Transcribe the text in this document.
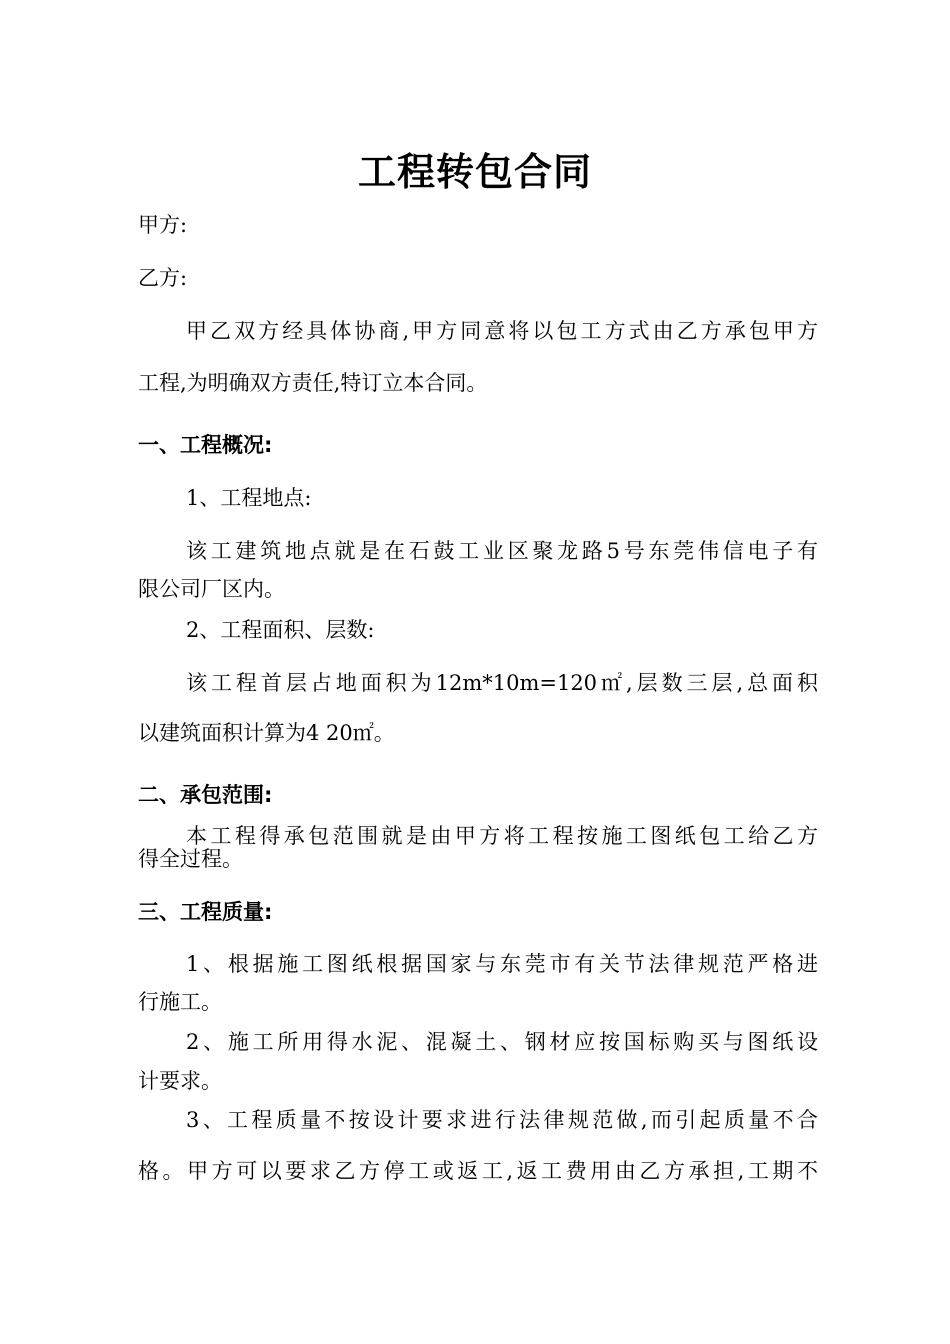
工程转包合同
甲方:
乙方:
甲乙双方经具体协商,甲方同意将以包工方式由乙方承包甲方
工程,为明确双方责任,特订立本合同。
一、工程概况:
1、工程地点:
该工建筑地点就是在石鼓工业区聚龙路5号东莞伟信电子有
限公司厂区内。
2、工程面积、层数:
该工程首层占地面积为12m*10m=120㎡,层数三层,总面积
以建筑面积计算为4 20㎡。
二、承包范围:
本工程得承包范围就是由甲方将工程按施工图纸包工给乙方
得全过程。
三、工程质量:
1、根据施工图纸根据国家与东莞市有关节法律规范严格进
行施工。
2、施工所用得水泥、混凝土、钢材应按国标购买与图纸设
计要求。
3、工程质量不按设计要求进行法律规范做,而引起质量不合
格。甲方可以要求乙方停工或返工,返工费用由乙方承担,工期不
